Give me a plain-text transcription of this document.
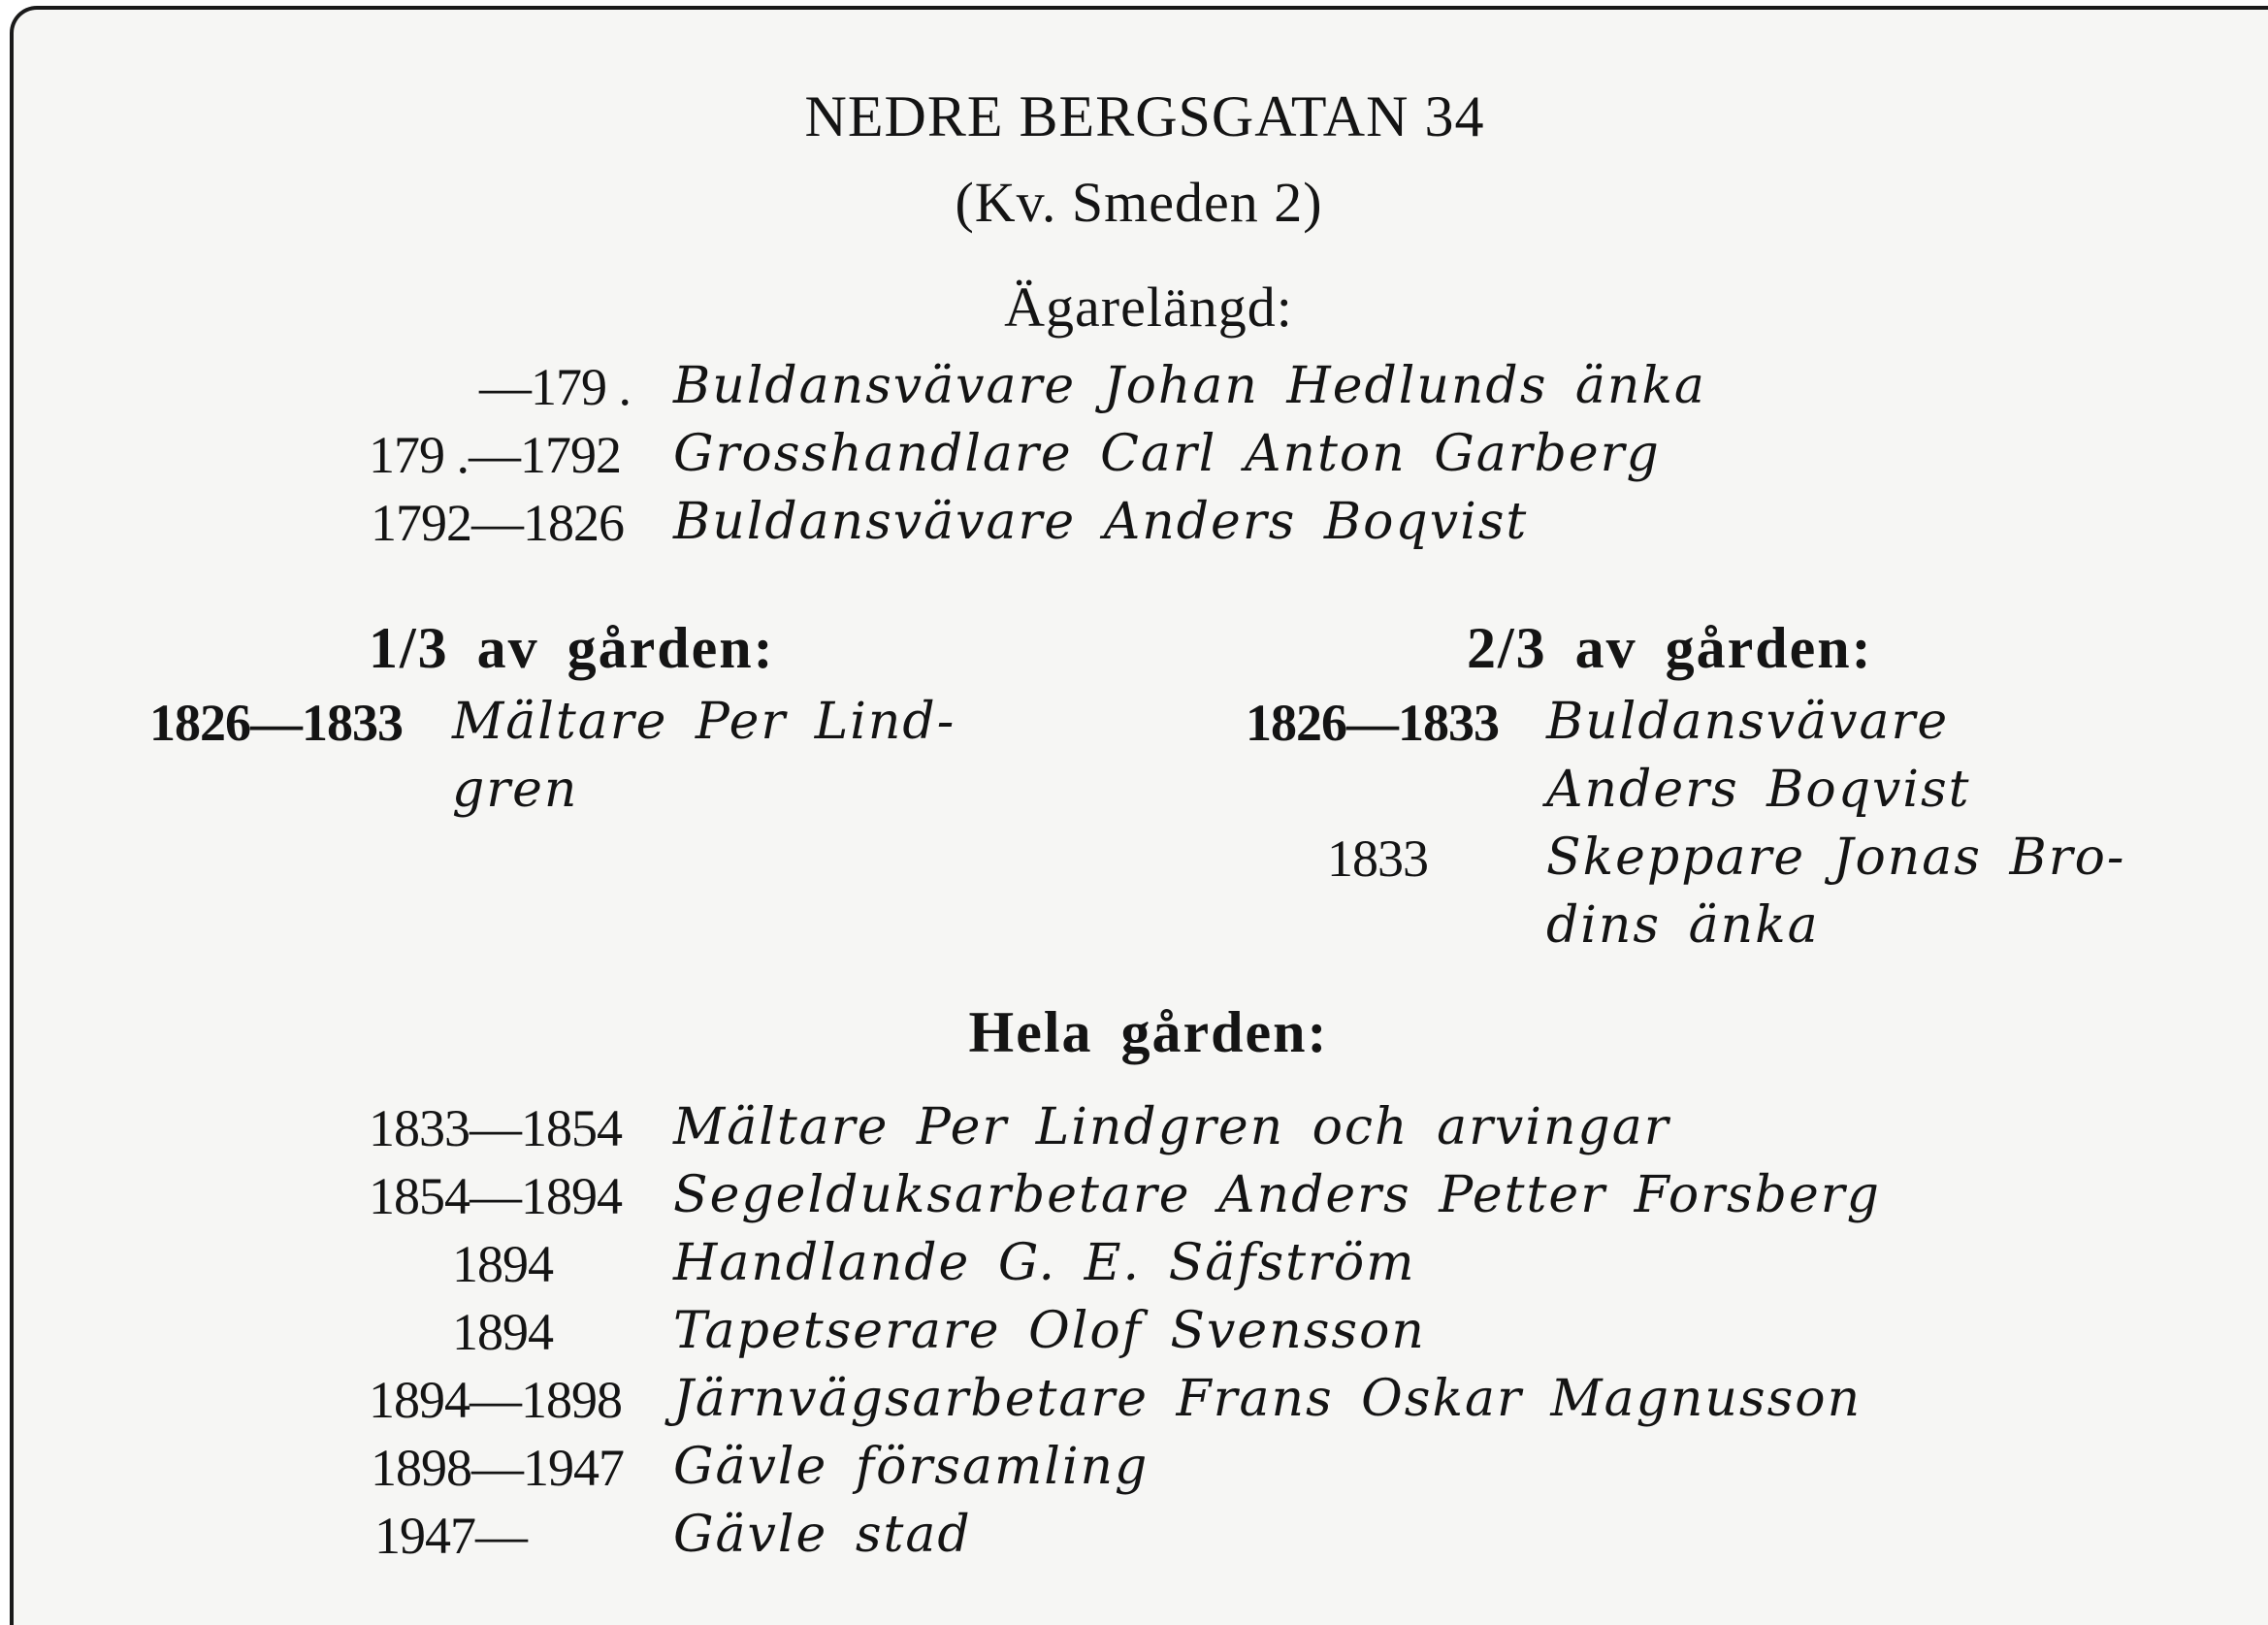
NEDRE BERGSGATAN 34
(Kv. Smeden 2)
Ägarelängd:
—179 . Buldansvävare Johan Hedlunds änka
179 .—1792 Grosshandlare Carl Anton Garberg
1792—1826 Buldansvävare Anders Boqvist
1/3 av gården:	2/3 av gården:
1826—1833 Mältare Per Lind-
gren
1826—1833 Buldansvävare
Anders Boqvist
1833 Skeppare Jonas Bro-
dins änka
Hela gården:
1833—1854 Mältare Per Lindgren och arvingar
1854—1894 Segelduksarbetare Anders Petter Forsberg
1894 Handlande G. E. Säfström
1894 Tapetserare Olof Svensson
1894—1898 Järnvägsarbetare Frans Oskar Magnusson
1898—1947 Gävle församling
1947—	Gävle stad
